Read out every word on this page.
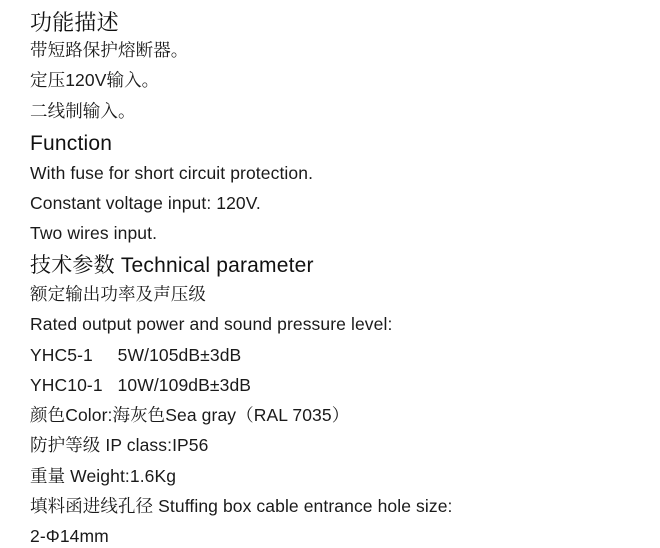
功能描述

带短路保护熔断器。

定压120V输入。

二线制输入。

Function

With fuse for short circuit protection.

Constant voltage input: 120V.

Two wires input.

技术参数 Technical parameter

额定输出功率及声压级

Rated output power and sound pressure level:

YHC5-1     5W/105dB±3dB

YHC10-1   10W/109dB±3dB

颜色Color:海灰色Sea gray（RAL 7035）

防护等级 IP class:IP56

重量 Weight:1.6Kg

填料函进线孔径 Stuffing box cable entrance hole size:

2-Φ14mm
